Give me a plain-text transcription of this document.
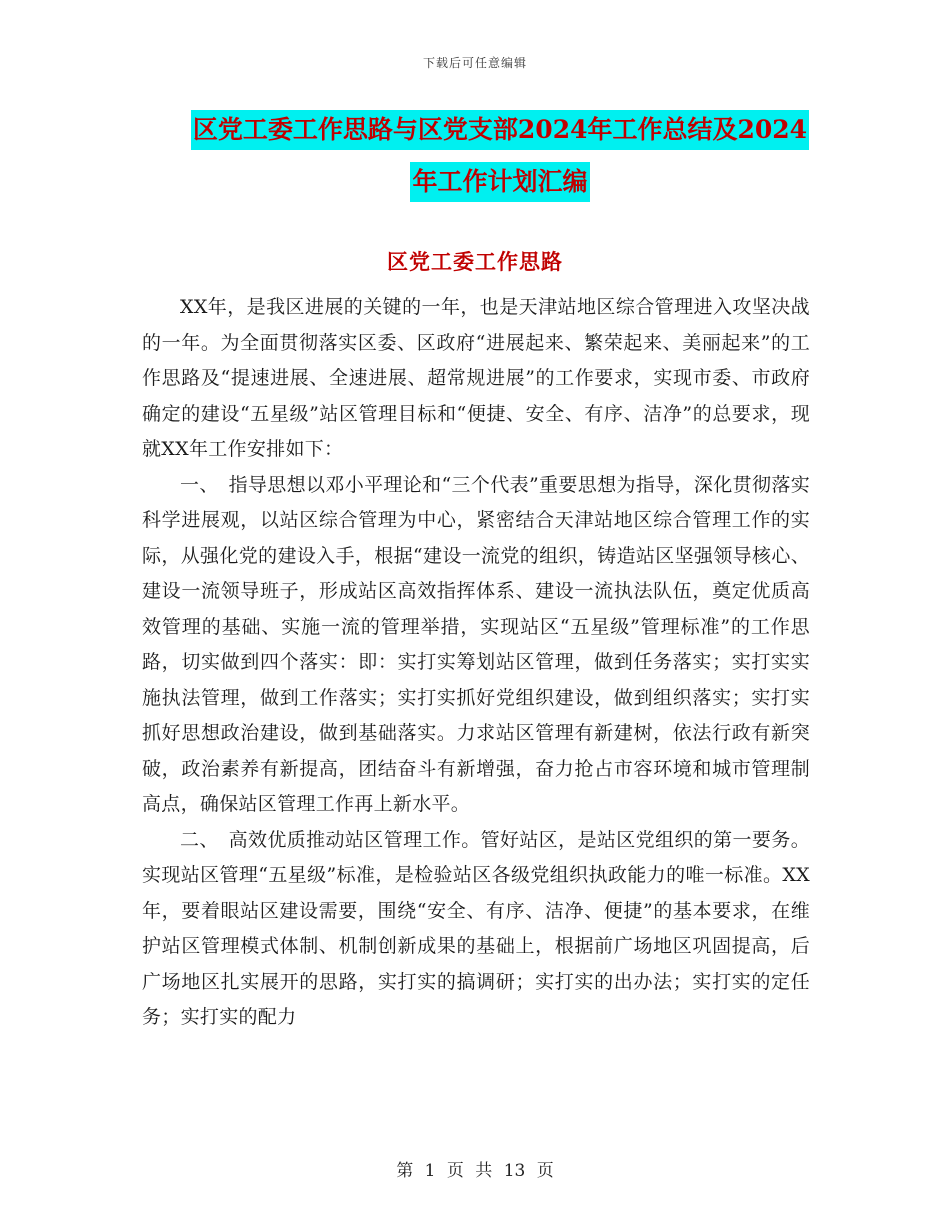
下载后可任意编辑
区党工委工作思路与区党支部2024年工作总结及2024
年工作计划汇编
区党工委工作思路

XX年，是我区进展的关键的一年，也是天津站地区综合管理进入攻坚决战的一年。为全面贯彻落实区委、区政府“进展起来、繁荣起来、美丽起来”的工作思路及“提速进展、全速进展、超常规进展”的工作要求，实现市委、市政府确定的建设“五星级”站区管理目标和“便捷、安全、有序、洁净”的总要求，现就XX年工作安排如下：

一、　指导思想以邓小平理论和“三个代表”重要思想为指导，深化贯彻落实科学进展观，以站区综合管理为中心，紧密结合天津站地区综合管理工作的实际，从强化党的建设入手，根据“建设一流党的组织，铸造站区坚强领导核心、建设一流领导班子，形成站区高效指挥体系、建设一流执法队伍，奠定优质高效管理的基础、实施一流的管理举措，实现站区“五星级”管理标准”的工作思路，切实做到四个落实：即：实打实筹划站区管理，做到任务落实；实打实实施执法管理，做到工作落实；实打实抓好党组织建设，做到组织落实；实打实抓好思想政治建设，做到基础落实。力求站区管理有新建树，依法行政有新突破，政治素养有新提高，团结奋斗有新增强，奋力抢占市容环境和城市管理制高点，确保站区管理工作再上新水平。

二、　高效优质推动站区管理工作。管好站区，是站区党组织的第一要务。实现站区管理“五星级”标准，是检验站区各级党组织执政能力的唯一标准。XX年，要着眼站区建设需要，围绕“安全、有序、洁净、便捷”的基本要求，在维护站区管理模式体制、机制创新成果的基础上，根据前广场地区巩固提高，后广场地区扎实展开的思路，实打实的搞调研；实打实的出办法；实打实的定任务；实打实的配力

第 1 页 共 13 页
